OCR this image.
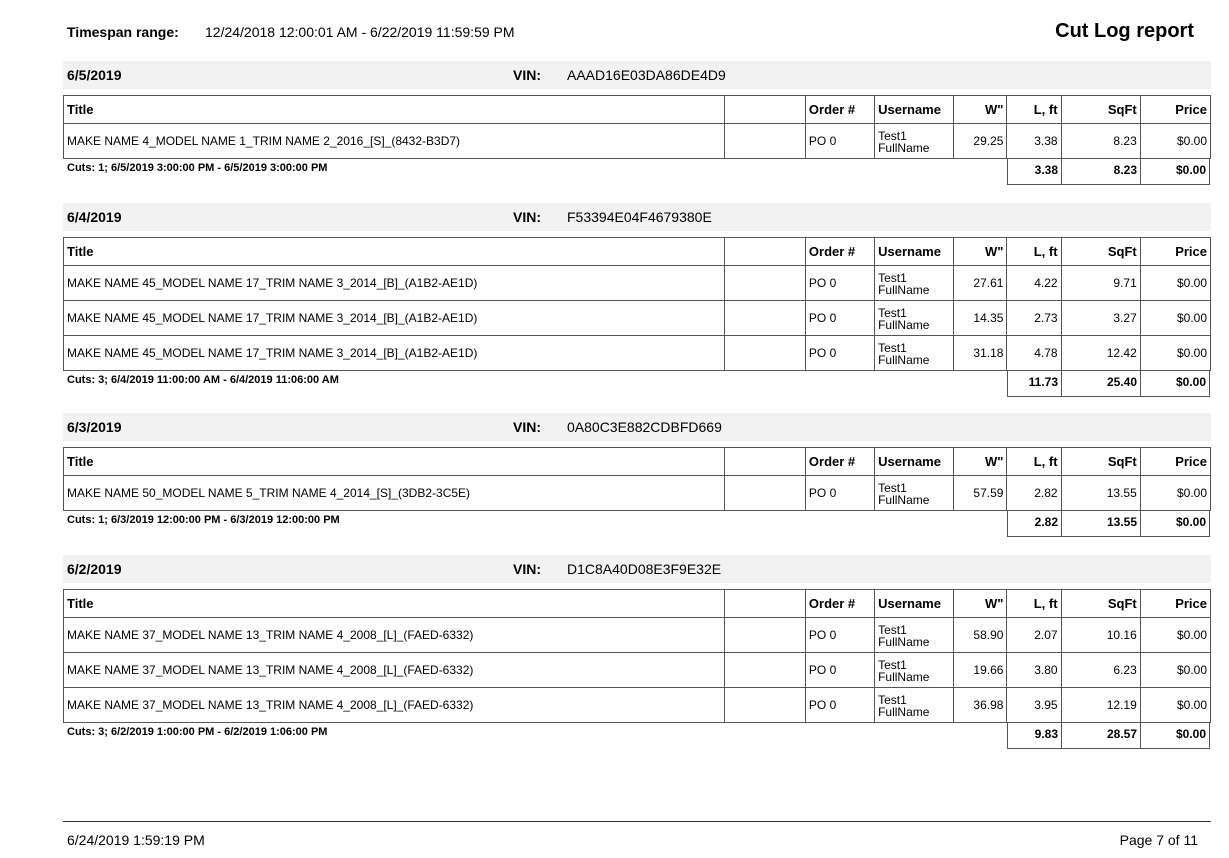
Timespan range: 12/24/2018 12:00:01 AM - 6/22/2019 11:59:59 PM	Cut Log report
6/5/2019	VIN: AAAD16E03DA86DE4D9
Title		Order #	Username	W"	L, ft	SqFt	Price
MAKE NAME 4_MODEL NAME 1_TRIM NAME 2_2016_[S]_(8432-B3D7)		PO 0	Test1
FullName	29.25	3.38	8.23	$0.00
Cuts: 1; 6/5/2019 3:00:00 PM - 6/5/2019 3:00:00 PM	3.38	8.23	$0.00
6/4/2019	VIN: F53394E04F4679380E
Title		Order #	Username	W"	L, ft	SqFt	Price
MAKE NAME 45_MODEL NAME 17_TRIM NAME 3_2014_[B]_(A1B2-AE1D)		PO 0	Test1
FullName	27.61	4.22	9.71	$0.00
MAKE NAME 45_MODEL NAME 17_TRIM NAME 3_2014_[B]_(A1B2-AE1D)		PO 0	Test1
FullName	14.35	2.73	3.27	$0.00
MAKE NAME 45_MODEL NAME 17_TRIM NAME 3_2014_[B]_(A1B2-AE1D)		PO 0	Test1
FullName	31.18	4.78	12.42	$0.00
Cuts: 3; 6/4/2019 11:00:00 AM - 6/4/2019 11:06:00 AM	11.73	25.40	$0.00
6/3/2019	VIN: 0A80C3E882CDBFD669
Title		Order #	Username	W"	L, ft	SqFt	Price
MAKE NAME 50_MODEL NAME 5_TRIM NAME 4_2014_[S]_(3DB2-3C5E)		PO 0	Test1
FullName	57.59	2.82	13.55	$0.00
Cuts: 1; 6/3/2019 12:00:00 PM - 6/3/2019 12:00:00 PM	2.82	13.55	$0.00
6/2/2019	VIN: D1C8A40D08E3F9E32E
Title		Order #	Username	W"	L, ft	SqFt	Price
MAKE NAME 37_MODEL NAME 13_TRIM NAME 4_2008_[L]_(FAED-6332)		PO 0	Test1
FullName	58.90	2.07	10.16	$0.00
MAKE NAME 37_MODEL NAME 13_TRIM NAME 4_2008_[L]_(FAED-6332)		PO 0	Test1
FullName	19.66	3.80	6.23	$0.00
MAKE NAME 37_MODEL NAME 13_TRIM NAME 4_2008_[L]_(FAED-6332)		PO 0	Test1
FullName	36.98	3.95	12.19	$0.00
Cuts: 3; 6/2/2019 1:00:00 PM - 6/2/2019 1:06:00 PM	9.83	28.57	$0.00
6/24/2019 1:59:19 PM	Page 7 of 11
